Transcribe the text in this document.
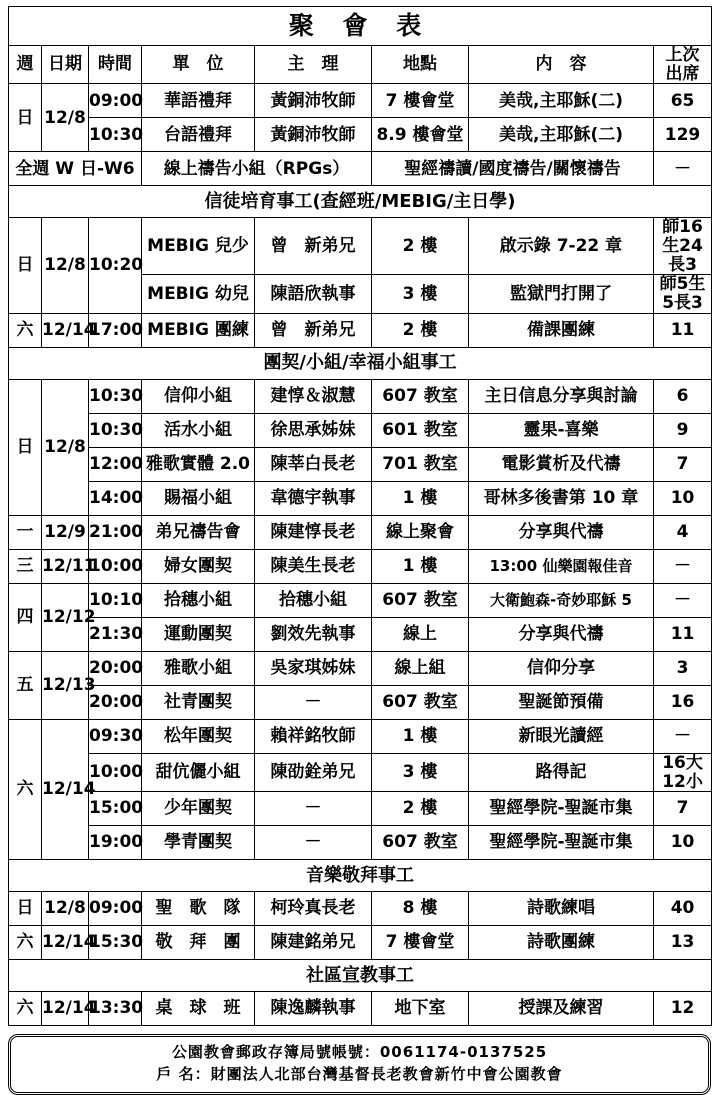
聚 會 表							
週	日期	時間	單　位	主　理	地點	内　容	上次
出席

日	12/8	09:00	華語禮拜	黃銅沛牧師	7 樓會堂	美哉,主耶穌(二)	65
		10:30	台語禮拜	黃銅沛牧師	8.9 樓會堂	美哉,主耶穌(二)	129
全週 W 日-W6			線上禱告小組（RPGs）		聖經禱讀/國度禱告/關懷禱告		－
信徒培育事工(查經班/MEBIG/主日學)							
日	12/8	10:20	MEBIG 兒少	曾　新弟兄	2 樓	啟示錄 7-22 章	師16生24長3
			MEBIG 幼兒	陳語欣執事	3 樓	監獄門打開了	師5生5長3
六	12/14	17:00	MEBIG 團練	曾　新弟兄	2 樓	備課團練	11
團契/小組/幸福小組事工							
日	12/8	10:30	信仰小組	建惇＆淑慧	607 教室	主日信息分享與討論	6
		10:30	活水小組	徐思承姊妹	601 教室	靈果-喜樂	9
		12:00	雅歌實體 2.0	陳莘白長老	701 教室	電影賞析及代禱	7
		14:00	賜福小組	韋德宇執事	1 樓	哥林多後書第 10 章	10
一	12/9	21:00	弟兄禱告會	陳建惇長老	線上聚會	分享與代禱	4
三	12/11	10:00	婦女團契	陳美生長老	1 樓	13:00 仙樂園報佳音	－
四	12/12	10:10	拾穗小組	拾穗小組	607 教室	大衛鮑森-奇妙耶穌 5	－
		21:30	運動團契	劉效先執事	線上	分享與代禱	11
五	12/13	20:00	雅歌小組	吳家琪姊妹	線上組	信仰分享	3
		20:00	社青團契	－	607 教室	聖誕節預備	16
六	12/14	09:30	松年團契	賴祥銘牧師	1 樓	新眼光讀經	－
		10:00	甜伉儷小組	陳劭銓弟兄	3 樓	路得記	16大12小
		15:00	少年團契	－	2 樓	聖經學院-聖誕市集	7
		19:00	學青團契	－	607 教室	聖經學院-聖誕市集	10
音樂敬拜事工							
日	12/8	09:00	聖　歌　隊	柯玲真長老	8 樓	詩歌練唱	40
六	12/14	15:30	敬　拜　團	陳建銘弟兄	7 樓會堂	詩歌團練	13
社區宣教事工							
六	12/14	13:30	桌　球　班	陳逸麟執事	地下室	授課及練習	12
公園教會郵政存簿局號帳號：0061174-0137525
戶 名：財團法人北部台灣基督長老教會新竹中會公園教會
